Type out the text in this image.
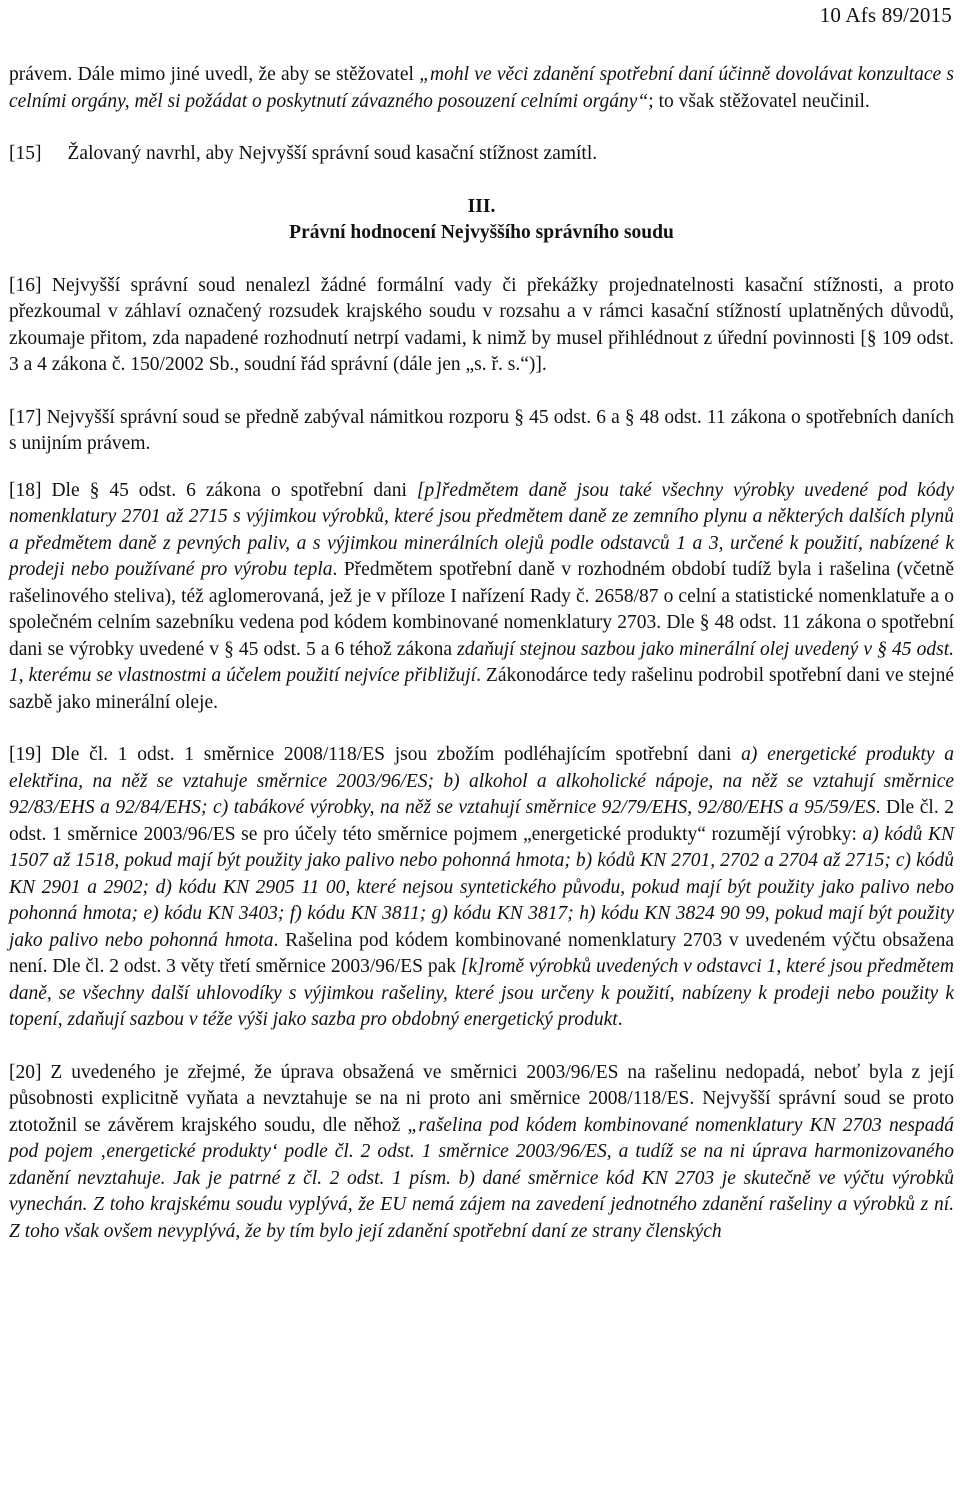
10 Afs 89/2015

právem. Dále mimo jiné uvedl, že aby se stěžovatel „mohl ve věci zdanění spotřební daní účinně dovolávat konzultace s celními orgány, měl si požádat o poskytnutí závazného posouzení celními orgány“; to však stěžovatel neučinil.

[15] Žalovaný navrhl, aby Nejvyšší správní soud kasační stížnost zamítl.

III.

Právní hodnocení Nejvyššího správního soudu

[16] Nejvyšší správní soud nenalezl žádné formální vady či překážky projednatelnosti kasační stížnosti, a proto přezkoumal v záhlaví označený rozsudek krajského soudu v rozsahu a v rámci kasační stížností uplatněných důvodů, zkoumaje přitom, zda napadené rozhodnutí netrpí vadami, k nimž by musel přihlédnout z úřední povinnosti [§ 109 odst. 3 a 4 zákona č. 150/2002 Sb., soudní řád správní (dále jen „s. ř. s.“)].

[17] Nejvyšší správní soud se předně zabýval námitkou rozporu § 45 odst. 6 a § 48 odst. 11 zákona o spotřebních daních s unijním právem.

[18] Dle § 45 odst. 6 zákona o spotřební dani [p]ředmětem daně jsou také všechny výrobky uvedené pod kódy nomenklatury 2701 až 2715 s výjimkou výrobků, které jsou předmětem daně ze zemního plynu a některých dalších plynů a předmětem daně z pevných paliv, a s výjimkou minerálních olejů podle odstavců 1 a 3, určené k použití, nabízené k prodeji nebo používané pro výrobu tepla. Předmětem spotřební daně v rozhodném období tudíž byla i rašelina (včetně rašelinového steliva), též aglomerovaná, jež je v příloze I nařízení Rady č. 2658/87 o celní a statistické nomenklatuře a o společném celním sazebníku vedena pod kódem kombinované nomenklatury 2703. Dle § 48 odst. 11 zákona o spotřební dani se výrobky uvedené v § 45 odst. 5 a 6 téhož zákona zdaňují stejnou sazbou jako minerální olej uvedený v § 45 odst. 1, kterému se vlastnostmi a účelem použití nejvíce přibližují. Zákonodárce tedy rašelinu podrobil spotřební dani ve stejné sazbě jako minerální oleje.

[19] Dle čl. 1 odst. 1 směrnice 2008/118/ES jsou zbožím podléhajícím spotřební dani a) energetické produkty a elektřina, na něž se vztahuje směrnice 2003/96/ES; b) alkohol a alkoholické nápoje, na něž se vztahují směrnice 92/83/EHS a 92/84/EHS; c) tabákové výrobky, na něž se vztahují směrnice 92/79/EHS, 92/80/EHS a 95/59/ES. Dle čl. 2 odst. 1 směrnice 2003/96/ES se pro účely této směrnice pojmem „energetické produkty“ rozumějí výrobky: a) kódů KN 1507 až 1518, pokud mají být použity jako palivo nebo pohonná hmota; b) kódů KN 2701, 2702 a 2704 až 2715; c) kódů KN 2901 a 2902; d) kódu KN 2905 11 00, které nejsou syntetického původu, pokud mají být použity jako palivo nebo pohonná hmota; e) kódu KN 3403; f) kódu KN 3811; g) kódu KN 3817; h) kódu KN 3824 90 99, pokud mají být použity jako palivo nebo pohonná hmota. Rašelina pod kódem kombinované nomenklatury 2703 v uvedeném výčtu obsažena není. Dle čl. 2 odst. 3 věty třetí směrnice 2003/96/ES pak [k]romě výrobků uvedených v odstavci 1, které jsou předmětem daně, se všechny další uhlovodíky s výjimkou rašeliny, které jsou určeny k použití, nabízeny k prodeji nebo použity k topení, zdaňují sazbou v téže výši jako sazba pro obdobný energetický produkt.

[20] Z uvedeného je zřejmé, že úprava obsažená ve směrnici 2003/96/ES na rašelinu nedopadá, neboť byla z její působnosti explicitně vyňata a nevztahuje se na ni proto ani směrnice 2008/118/ES. Nejvyšší správní soud se proto ztotožnil se závěrem krajského soudu, dle něhož „rašelina pod kódem kombinované nomenklatury KN 2703 nespadá pod pojem ‚energetické produkty‘ podle čl. 2 odst. 1 směrnice 2003/96/ES, a tudíž se na ni úprava harmonizovaného zdanění nevztahuje. Jak je patrné z čl. 2 odst. 1 písm. b) dané směrnice kód KN 2703 je skutečně ve výčtu výrobků vynechán. Z toho krajskému soudu vyplývá, že EU nemá zájem na zavedení jednotného zdanění rašeliny a výrobků z ní. Z toho však ovšem nevyplývá, že by tím bylo její zdanění spotřební daní ze strany členských
